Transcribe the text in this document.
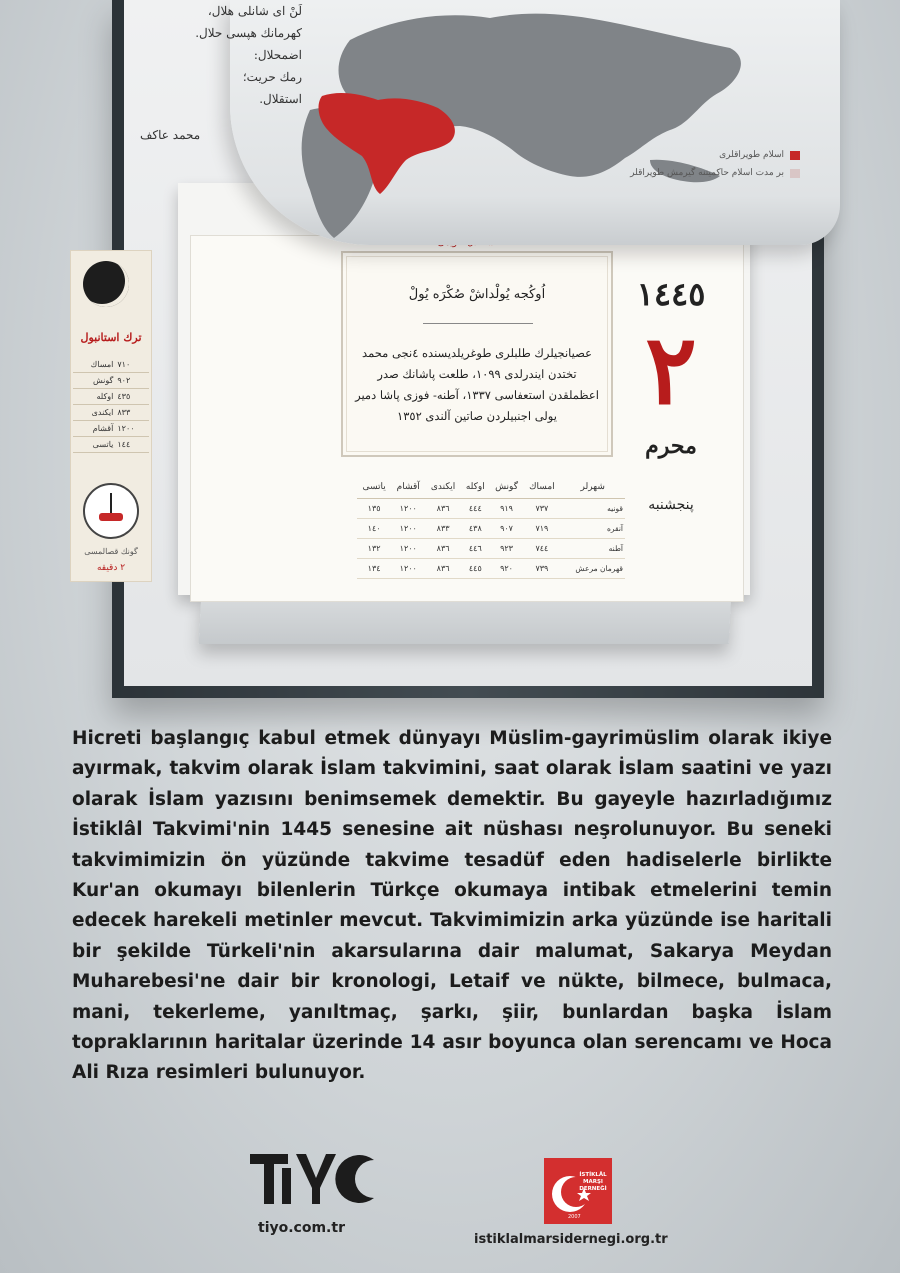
اُوكُجه يُولْداشْ صُكْرَه يُولْ
عصيانجيلرك طلبلرى طوغريلديسنده ٤نجى محمد تختدن ايندرلدى ١٠٩٩، طلعت پاشانك صدر اعظملقدن استعفاسى ١٣٣٧، آطنه- فوزى پاشا دمير يولى اجنبيلردن صاتين آلندى ١٣٥٢
شهرلر	امساك	گونش	اوكله	ايكندى	آقشام	ياتسى
قونيه	٧٣٧	٩١٩	٤٤٤	٨٣٦	١٢٠٠	١٣٥
آنقره	٧١٩	٩٠٧	٤٣٨	٨٣٣	١٢٠٠	١٤٠
آطنه	٧٤٤	٩٢٣	٤٤٦	٨٣٦	١٢٠٠	١٣٢
قهرمان مرعش	٧٣٩	٩٢٠	٤٤٥	٨٣٦	١٢٠٠	١٣٤
١٤٤٥
٢
محرم
پنجشنبه
ترك استانبول
امساك	٧١٠
گونش	٩٠٢
اوكله	٤٣٥
ايكندى	٨٣٣
آقشام	١٢٠٠
ياتسى	١٤٤
گونك قصالمسى
٢ دقيقه
لَنْ اى شانلى هلال،
كهرمانك هپسى حلال.
اضمحلال:
رمك حريت؛
استقلال.
اسلام طوپراقلرى
بر مدت اسلام حاكميتنه گيرمش طوپراقلر
محمد عاكف
Hicreti başlangıç kabul etmek dünyayı Müslim-gayrimüslim olarak ikiye ayırmak, takvim olarak İslam takvimini, saat olarak İslam saatini ve yazı olarak İslam yazısını benimsemek demektir. Bu gayeyle hazırladığımız İstiklâl Takvimi'nin 1445 senesine ait nüshası neşrolunuyor. Bu seneki takvimimizin ön yüzünde takvime tesadüf eden hadiselerle birlikte Kur'an okumayı bilenlerin Türkçe okumaya intibak etmelerini temin edecek harekeli metinler mevcut. Takvimimizin arka yüzünde ise haritali bir şekilde Türkeli'nin akarsularına dair malumat, Sakarya Meydan Muharebesi'ne dair bir kronologi, Letaif ve nükte, bilmece, bulmaca, mani, tekerleme, yanıltmaç, şarkı, şiir, bunlardan başka İslam topraklarının haritalar üzerinde 14 asır boyunca olan serencamı ve Hoca Ali Rıza resimleri bulunuyor.
TIYO
tiyo.com.tr
İSTİKLÂL MARŞI DERNEĞİ
2007
istiklalmarsidernegi.org.tr
